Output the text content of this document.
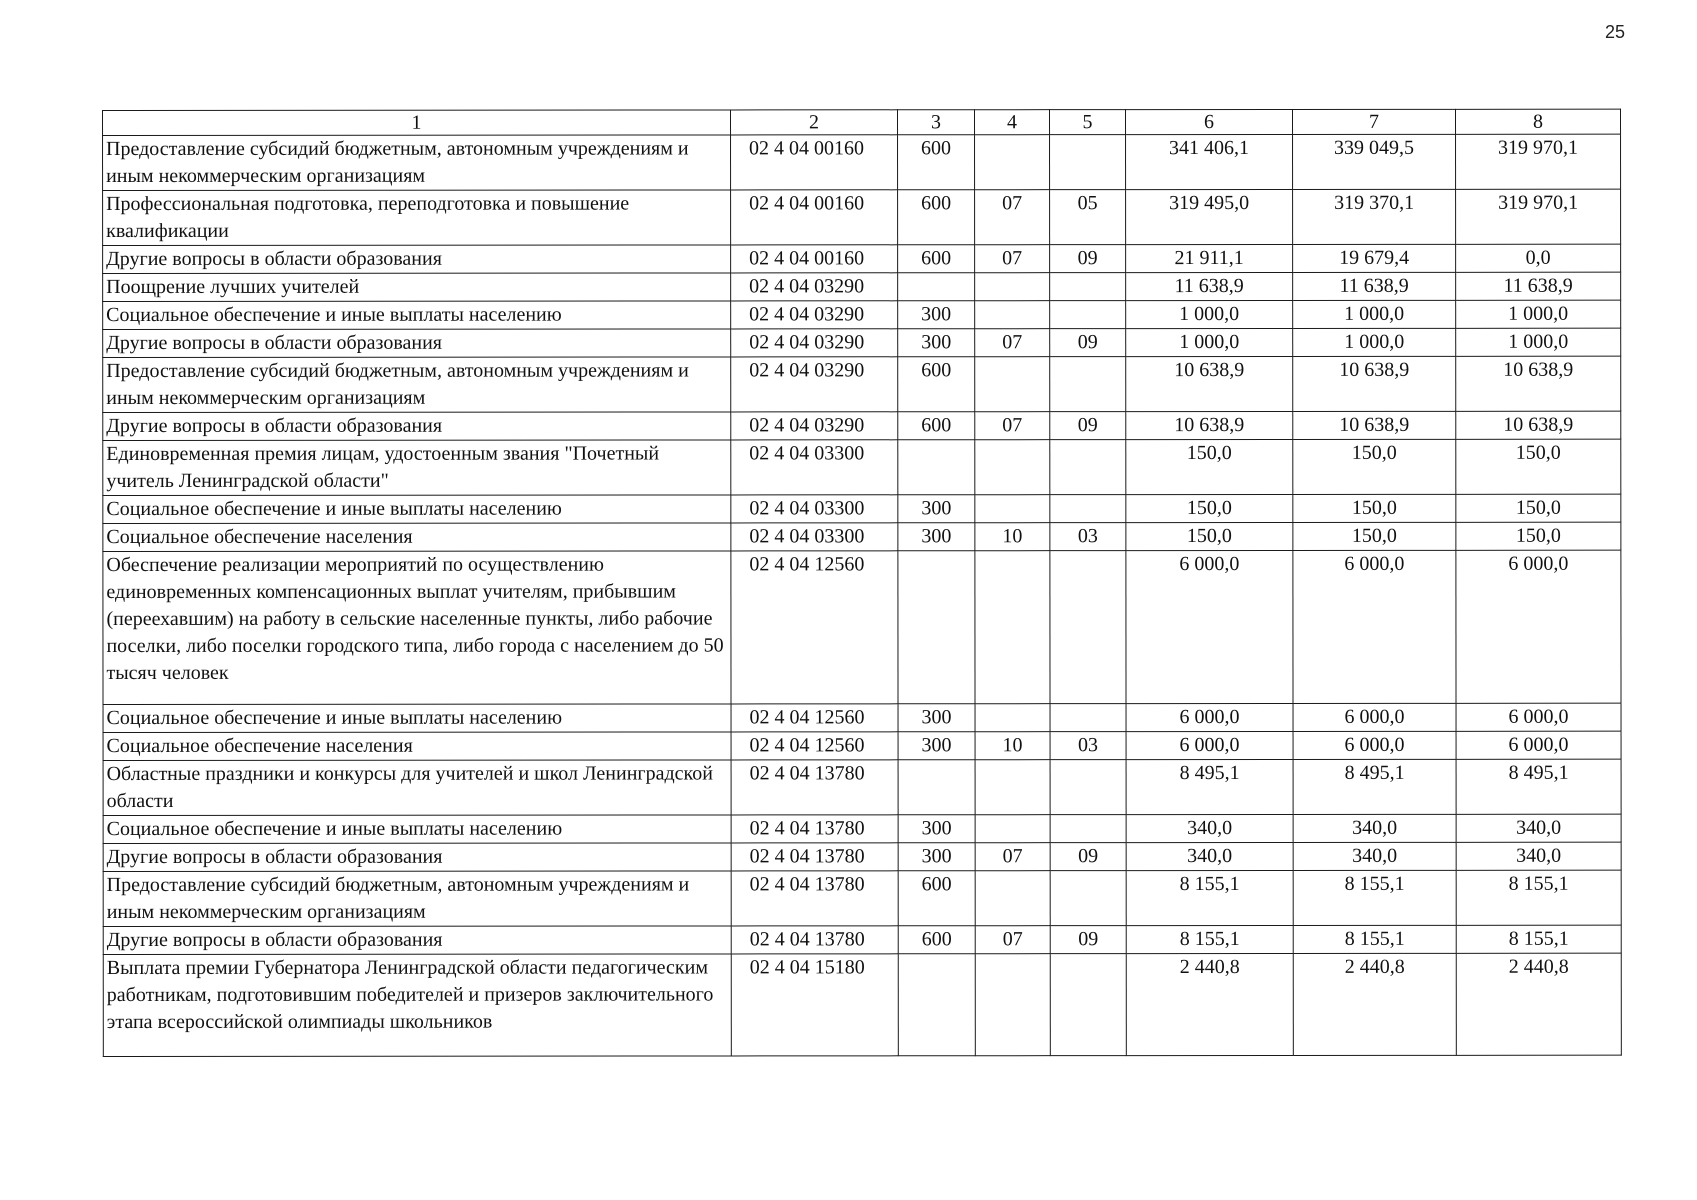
25
1	2	3	4	5	6	7	8
Предоставление субсидий бюджетным, автономным учреждениям и иным некоммерческим организациям	02 4 04 00160	600			341 406,1	339 049,5	319 970,1
Профессиональная подготовка, переподготовка и повышение квалификации	02 4 04 00160	600	07	05	319 495,0	319 370,1	319 970,1
Другие вопросы в области образования	02 4 04 00160	600	07	09	21 911,1	19 679,4	0,0
Поощрение лучших учителей	02 4 04 03290				11 638,9	11 638,9	11 638,9
Социальное обеспечение и иные выплаты населению	02 4 04 03290	300			1 000,0	1 000,0	1 000,0
Другие вопросы в области образования	02 4 04 03290	300	07	09	1 000,0	1 000,0	1 000,0
Предоставление субсидий бюджетным, автономным учреждениям и иным некоммерческим организациям	02 4 04 03290	600			10 638,9	10 638,9	10 638,9
Другие вопросы в области образования	02 4 04 03290	600	07	09	10 638,9	10 638,9	10 638,9
Единовременная премия лицам, удостоенным звания "Почетный учитель Ленинградской области"	02 4 04 03300				150,0	150,0	150,0
Социальное обеспечение и иные выплаты населению	02 4 04 03300	300			150,0	150,0	150,0
Социальное обеспечение населения	02 4 04 03300	300	10	03	150,0	150,0	150,0
Обеспечение реализации мероприятий по осуществлению единовременных компенсационных выплат учителям, прибывшим (переехавшим) на работу в сельские населенные пункты, либо рабочие поселки, либо поселки городского типа, либо города с населением до 50 тысяч человек	02 4 04 12560				6 000,0	6 000,0	6 000,0
Социальное обеспечение и иные выплаты населению	02 4 04 12560	300			6 000,0	6 000,0	6 000,0
Социальное обеспечение населения	02 4 04 12560	300	10	03	6 000,0	6 000,0	6 000,0
Областные праздники и конкурсы для учителей и школ Ленинградской области	02 4 04 13780				8 495,1	8 495,1	8 495,1
Социальное обеспечение и иные выплаты населению	02 4 04 13780	300			340,0	340,0	340,0
Другие вопросы в области образования	02 4 04 13780	300	07	09	340,0	340,0	340,0
Предоставление субсидий бюджетным, автономным учреждениям и иным некоммерческим организациям	02 4 04 13780	600			8 155,1	8 155,1	8 155,1
Другие вопросы в области образования	02 4 04 13780	600	07	09	8 155,1	8 155,1	8 155,1
Выплата премии Губернатора Ленинградской области педагогическим работникам, подготовившим победителей и призеров заключительного этапа всероссийской олимпиады школьников	02 4 04 15180				2 440,8	2 440,8	2 440,8
